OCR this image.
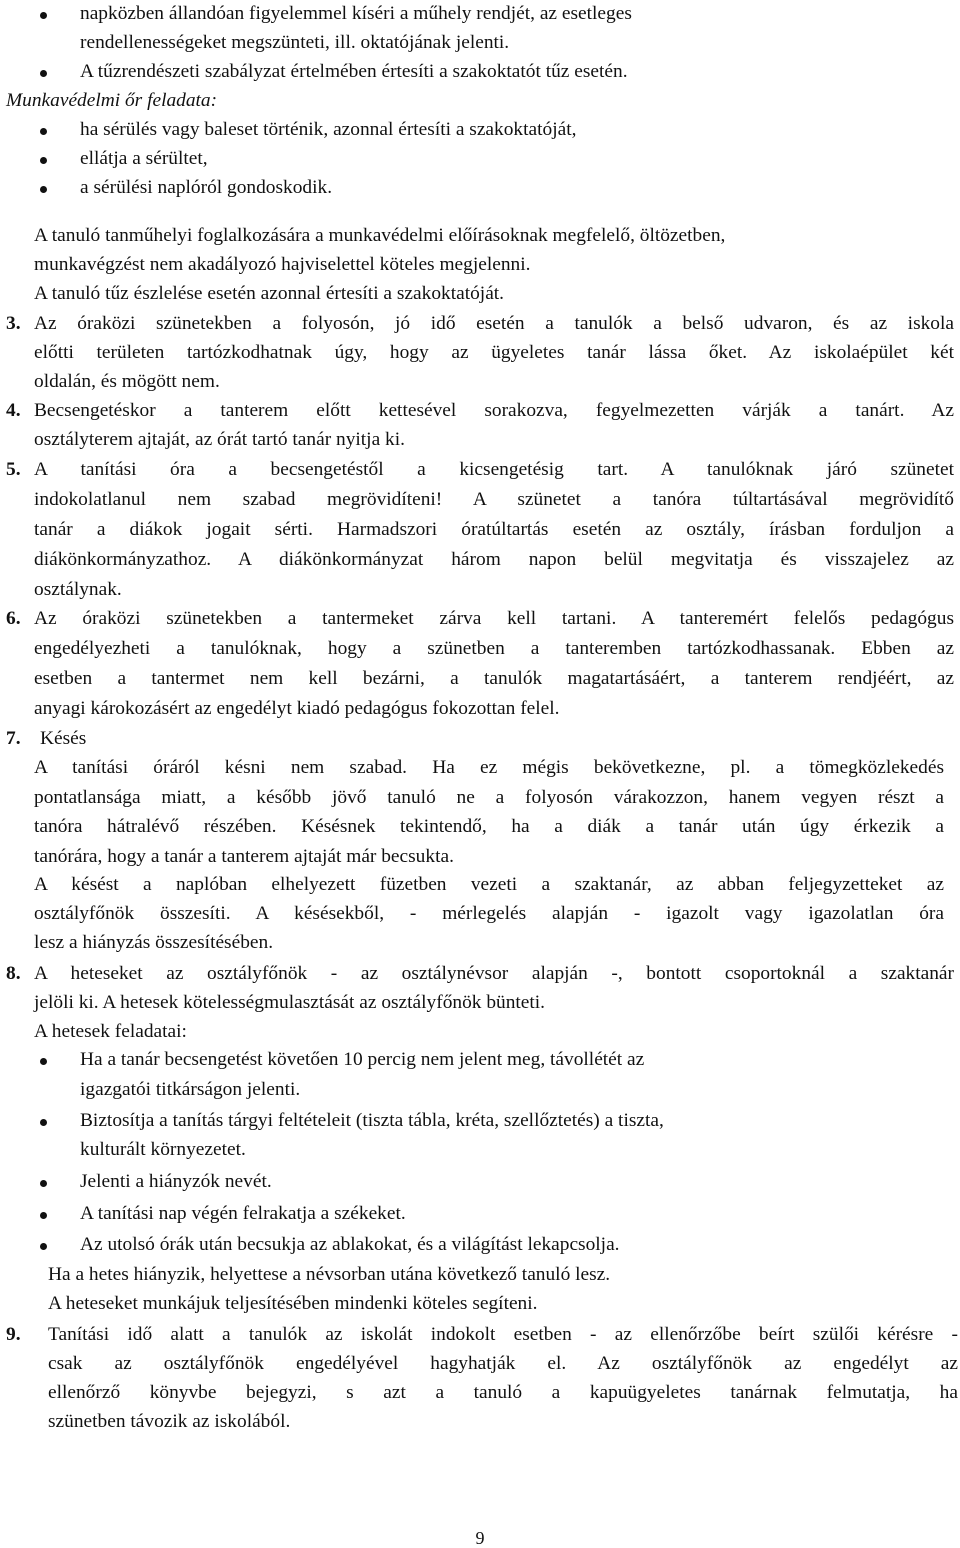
napközben állandóan figyelemmel kíséri a műhely rendjét, az esetleges
rendellenességeket megszünteti, ill. oktatójának jelenti.
A tűzrendészeti szabályzat értelmében értesíti a szakoktatót tűz esetén.
Munkavédelmi őr feladata:
ha sérülés vagy baleset történik, azonnal értesíti a szakoktatóját,
ellátja a sérültet,
a sérülési naplóról gondoskodik.
A tanuló tanműhelyi foglalkozására a munkavédelmi előírásoknak megfelelő, öltözetben,
munkavégzést nem akadályozó hajviselettel köteles megjelenni.
A tanuló tűz észlelése esetén azonnal értesíti a szakoktatóját.
3. Az óraközi szünetekben a folyosón, jó idő esetén a tanulók a belső udvaron, és az iskola
előtti területen tartózkodhatnak úgy, hogy az ügyeletes tanár lássa őket. Az iskolaépület két
oldalán, és mögött nem.
4. Becsengetéskor a tanterem előtt kettesével sorakozva, fegyelmezetten várják a tanárt. Az
osztályterem ajtaját, az órát tartó tanár nyitja ki.
5. A tanítási óra a becsengetéstől a kicsengetésig tart. A tanulóknak járó szünetet
indokolatlanul nem szabad megrövidíteni! A szünetet a tanóra túltartásával megrövidítő
tanár a diákok jogait sérti. Harmadszori óratúltartás esetén az osztály, írásban forduljon a
diákönkormányzathoz. A diákönkormányzat három napon belül megvitatja és visszajelez az
osztálynak.
6. Az óraközi szünetekben a tantermeket zárva kell tartani. A tanteremért felelős pedagógus
engedélyezheti a tanulóknak, hogy a szünetben a tanteremben tartózkodhassanak. Ebben az
esetben a tantermet nem kell bezárni, a tanulók magatartásáért, a tanterem rendjéért, az
anyagi károkozásért az engedélyt kiadó pedagógus fokozottan felel.
7. Késés
A tanítási óráról késni nem szabad. Ha ez mégis bekövetkezne, pl. a tömegközlekedés
pontatlansága miatt, a később jövő tanuló ne a folyosón várakozzon, hanem vegyen részt a
tanóra hátralévő részében. Késésnek tekintendő, ha a diák a tanár után úgy érkezik a
tanórára, hogy a tanár a tanterem ajtaját már becsukta.
A késést a naplóban elhelyezett füzetben vezeti a szaktanár, az abban feljegyzetteket az
osztályfőnök összesíti. A késésekből, - mérlegelés alapján - igazolt vagy igazolatlan óra
lesz a hiányzás összesítésében.
8. A heteseket az osztályfőnök - az osztálynévsor alapján -, bontott csoportoknál a szaktanár
jelöli ki. A hetesek kötelességmulasztását az osztályfőnök bünteti.
A hetesek feladatai:
Ha a tanár becsengetést követően 10 percig nem jelent meg, távollétét az
igazgatói titkárságon jelenti.
Biztosítja a tanítás tárgyi feltételeit (tiszta tábla, kréta, szellőztetés) a tiszta,
kulturált környezetet.
Jelenti a hiányzók nevét.
A tanítási nap végén felrakatja a székeket.
Az utolsó órák után becsukja az ablakokat, és a világítást lekapcsolja.
Ha a hetes hiányzik, helyettese a névsorban utána következő tanuló lesz.
A heteseket munkájuk teljesítésében mindenki köteles segíteni.
9. Tanítási idő alatt a tanulók az iskolát indokolt esetben - az ellenőrzőbe beírt szülői kérésre -
csak az osztályfőnök engedélyével hagyhatják el. Az osztályfőnök az engedélyt az
ellenőrző könyvbe bejegyzi, s azt a tanuló a kapuügyeletes tanárnak felmutatja, ha
szünetben távozik az iskolából.
9
